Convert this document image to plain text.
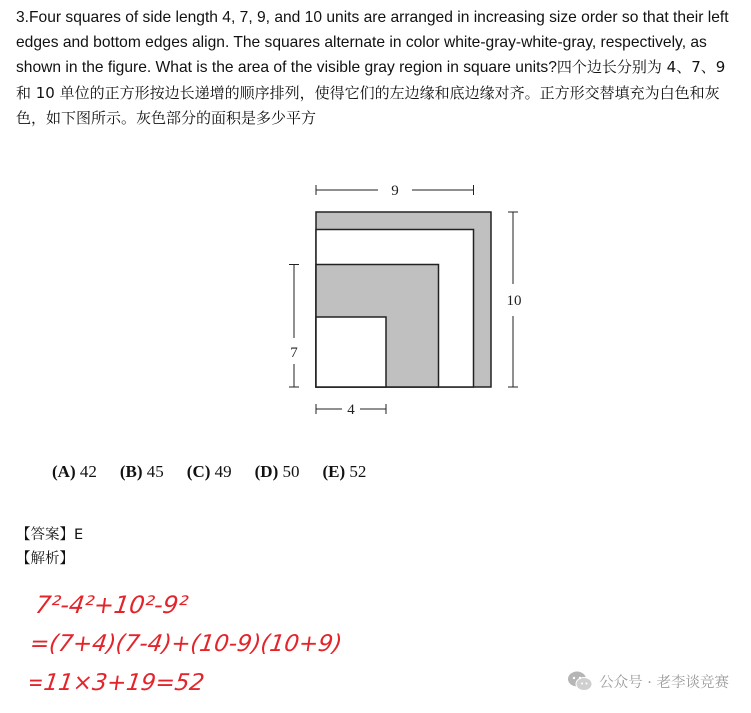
3.Four squares of side length 4, 7, 9, and 10 units are arranged in increasing size order so that their left edges and bottom edges align. The squares alternate in color white-gray-white-gray, respectively, as shown in the figure. What is the area of the visible gray region in square units?四个边长分别为 4、7、9 和 10 单位的正方形按边长递增的顺序排列，使得它们的左边缘和底边缘对齐。正方形交替填充为白色和灰色，如下图所示。灰色部分的面积是多少平方
9
10
7
4
(A) 42 (B) 45 (C) 49 (D) 50 (E) 52
【答案】E
【解析】
7²-4²+10²-9²
=(7+4)(7-4)+(10-9)(10+9)
=11×3+19=52	公众号 · 老李谈竞赛
